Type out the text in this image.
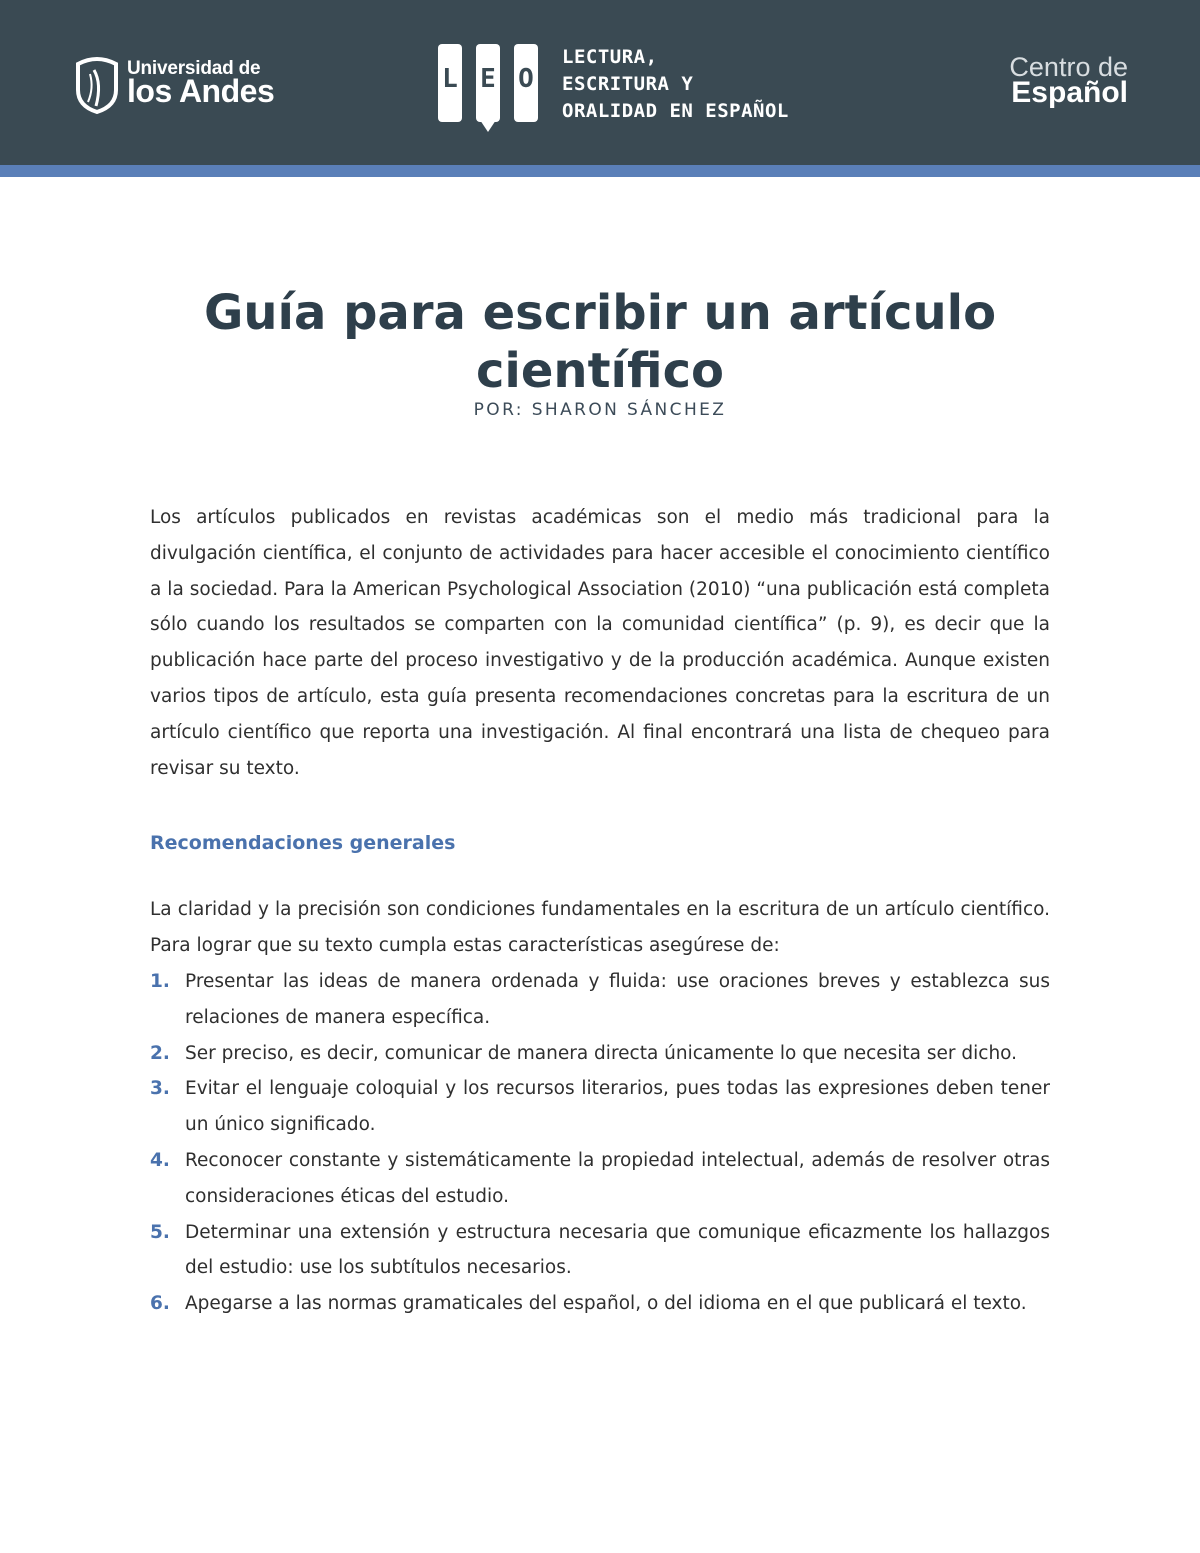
Universidad de
los Andes	L E O
LECTURA,
ESCRITURA Y
ORALIDAD EN ESPAÑOL
Centro de
Español
Guía para escribir un artículo
científico
POR: SHARON SÁNCHEZ

Los artículos publicados en revistas académicas son el medio más tradicional para la divulgación científica, el conjunto de actividades para hacer accesible el conocimiento científico a la sociedad. Para la American Psychological Association (2010) “una publicación está completa sólo cuando los resultados se comparten con la comunidad científica” (p. 9), es decir que la publicación hace parte del proceso investigativo y de la producción académica. Aunque existen varios tipos de artículo, esta guía presenta recomendaciones concretas para la escritura de un artículo científico que reporta una investigación. Al final encontrará una lista de chequeo para revisar su texto.

Recomendaciones generales

La claridad y la precisión son condiciones fundamentales en la escritura de un artículo científico. Para lograr que su texto cumpla estas características asegúrese de:

1. Presentar las ideas de manera ordenada y fluida: use oraciones breves y establezca sus relaciones de manera específica.
2. Ser preciso, es decir, comunicar de manera directa únicamente lo que necesita ser dicho.
3. Evitar el lenguaje coloquial y los recursos literarios, pues todas las expresiones deben tener un único significado.
4. Reconocer constante y sistemáticamente la propiedad intelectual, además de resolver otras consideraciones éticas del estudio.
5. Determinar una extensión y estructura necesaria que comunique eficazmente los hallazgos del estudio: use los subtítulos necesarios.
6. Apegarse a las normas gramaticales del español, o del idioma en el que publicará el texto.
